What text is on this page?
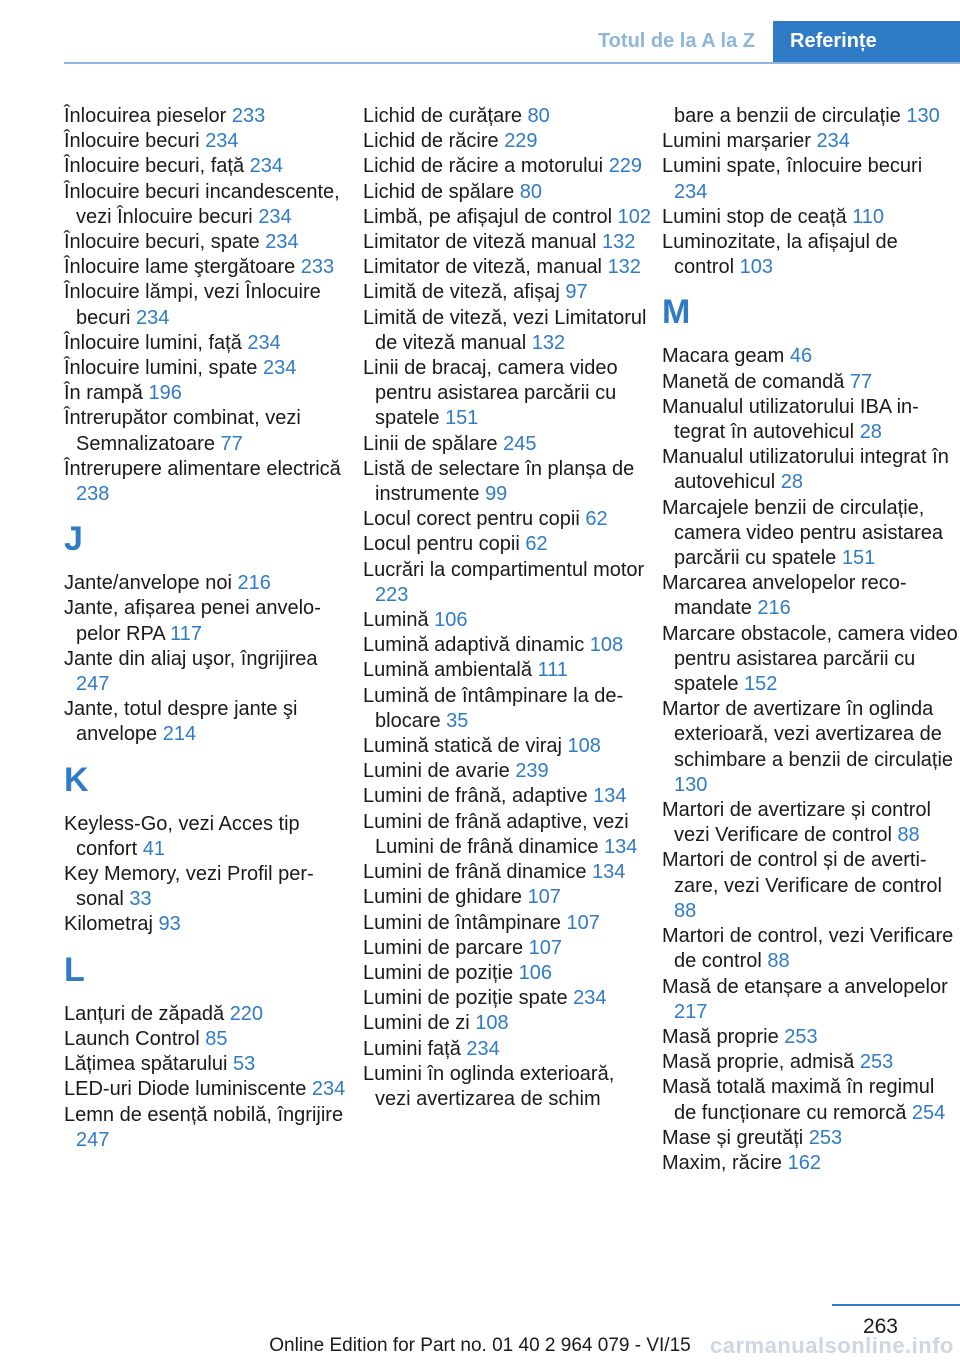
Totul de la A la Z	Referințe
Înlocuirea pieselor 233
Înlocuire becuri 234
Înlocuire becuri, față 234
Înlocuire becuri incandescente, vezi Înlocuire becuri 234
Înlocuire becuri, spate 234
Înlocuire lame ştergătoare 233
Înlocuire lămpi, vezi Înlocuire becuri 234
Înlocuire lumini, față 234
Înlocuire lumini, spate 234
În rampă 196
Întrerupător combinat, vezi Semnalizatoare 77
Întrerupere alimentare electrică 238
J
Jante/anvelope noi 216
Jante, afișarea penei anvelopelor RPA 117
Jante din aliaj uşor, îngrijirea 247
Jante, totul despre jante şi anvelope 214
K
Keyless-Go, vezi Acces tip confort 41
Key Memory, vezi Profil personal 33
Kilometraj 93
L
Lanțuri de zăpadă 220
Launch Control 85
Lățimea spătarului 53
LED-uri Diode luminiscente 234
Lemn de esență nobilă, îngrijire 247
Lichid de curățare 80
Lichid de răcire 229
Lichid de răcire a motorului 229
Lichid de spălare 80
Limbă, pe afișajul de control 102
Limitator de viteză manual 132
Limitator de viteză, manual 132
Limită de viteză, afișaj 97
Limită de viteză, vezi Limitatorul de viteză manual 132
Linii de bracaj, camera video pentru asistarea parcării cu spatele 151
Linii de spălare 245
Listă de selectare în planșa de instrumente 99
Locul corect pentru copii 62
Locul pentru copii 62
Lucrări la compartimentul motor 223
Lumină 106
Lumină adaptivă dinamic 108
Lumină ambientală 111
Lumină de întâmpinare la deblocare 35
Lumină statică de viraj 108
Lumini de avarie 239
Lumini de frână, adaptive 134
Lumini de frână adaptive, vezi Lumini de frână dinamice 134
Lumini de frână dinamice 134
Lumini de ghidare 107
Lumini de întâmpinare 107
Lumini de parcare 107
Lumini de poziție 106
Lumini de poziție spate 234
Lumini de zi 108
Lumini față 234
Lumini în oglinda exterioară, vezi avertizarea de schim
bare a benzii de circulație 130
Lumini marșarier 234
Lumini spate, înlocuire becuri 234
Lumini stop de ceață 110
Luminozitate, la afișajul de control 103
M
Macara geam 46
Manetă de comandă 77
Manualul utilizatorului IBA integrat în autovehicul 28
Manualul utilizatorului integrat în autovehicul 28
Marcajele benzii de circulație, camera video pentru asistarea parcării cu spatele 151
Marcarea anvelopelor recomandate 216
Marcare obstacole, camera video pentru asistarea parcării cu spatele 152
Martor de avertizare în oglinda exterioară, vezi avertizarea de schimbare a benzii de circulație 130
Martori de avertizare și control vezi Verificare de control 88
Martori de control și de avertizare, vezi Verificare de control 88
Martori de control, vezi Verificare de control 88
Masă de etanșare a anvelopelor 217
Masă proprie 253
Masă proprie, admisă 253
Masă totală maximă în regimul de funcționare cu remorcă 254
Mase și greutăți 253
Maxim, răcire 162
263
Online Edition for Part no. 01 40 2 964 079 - VI/15 carmanualsonline.info
